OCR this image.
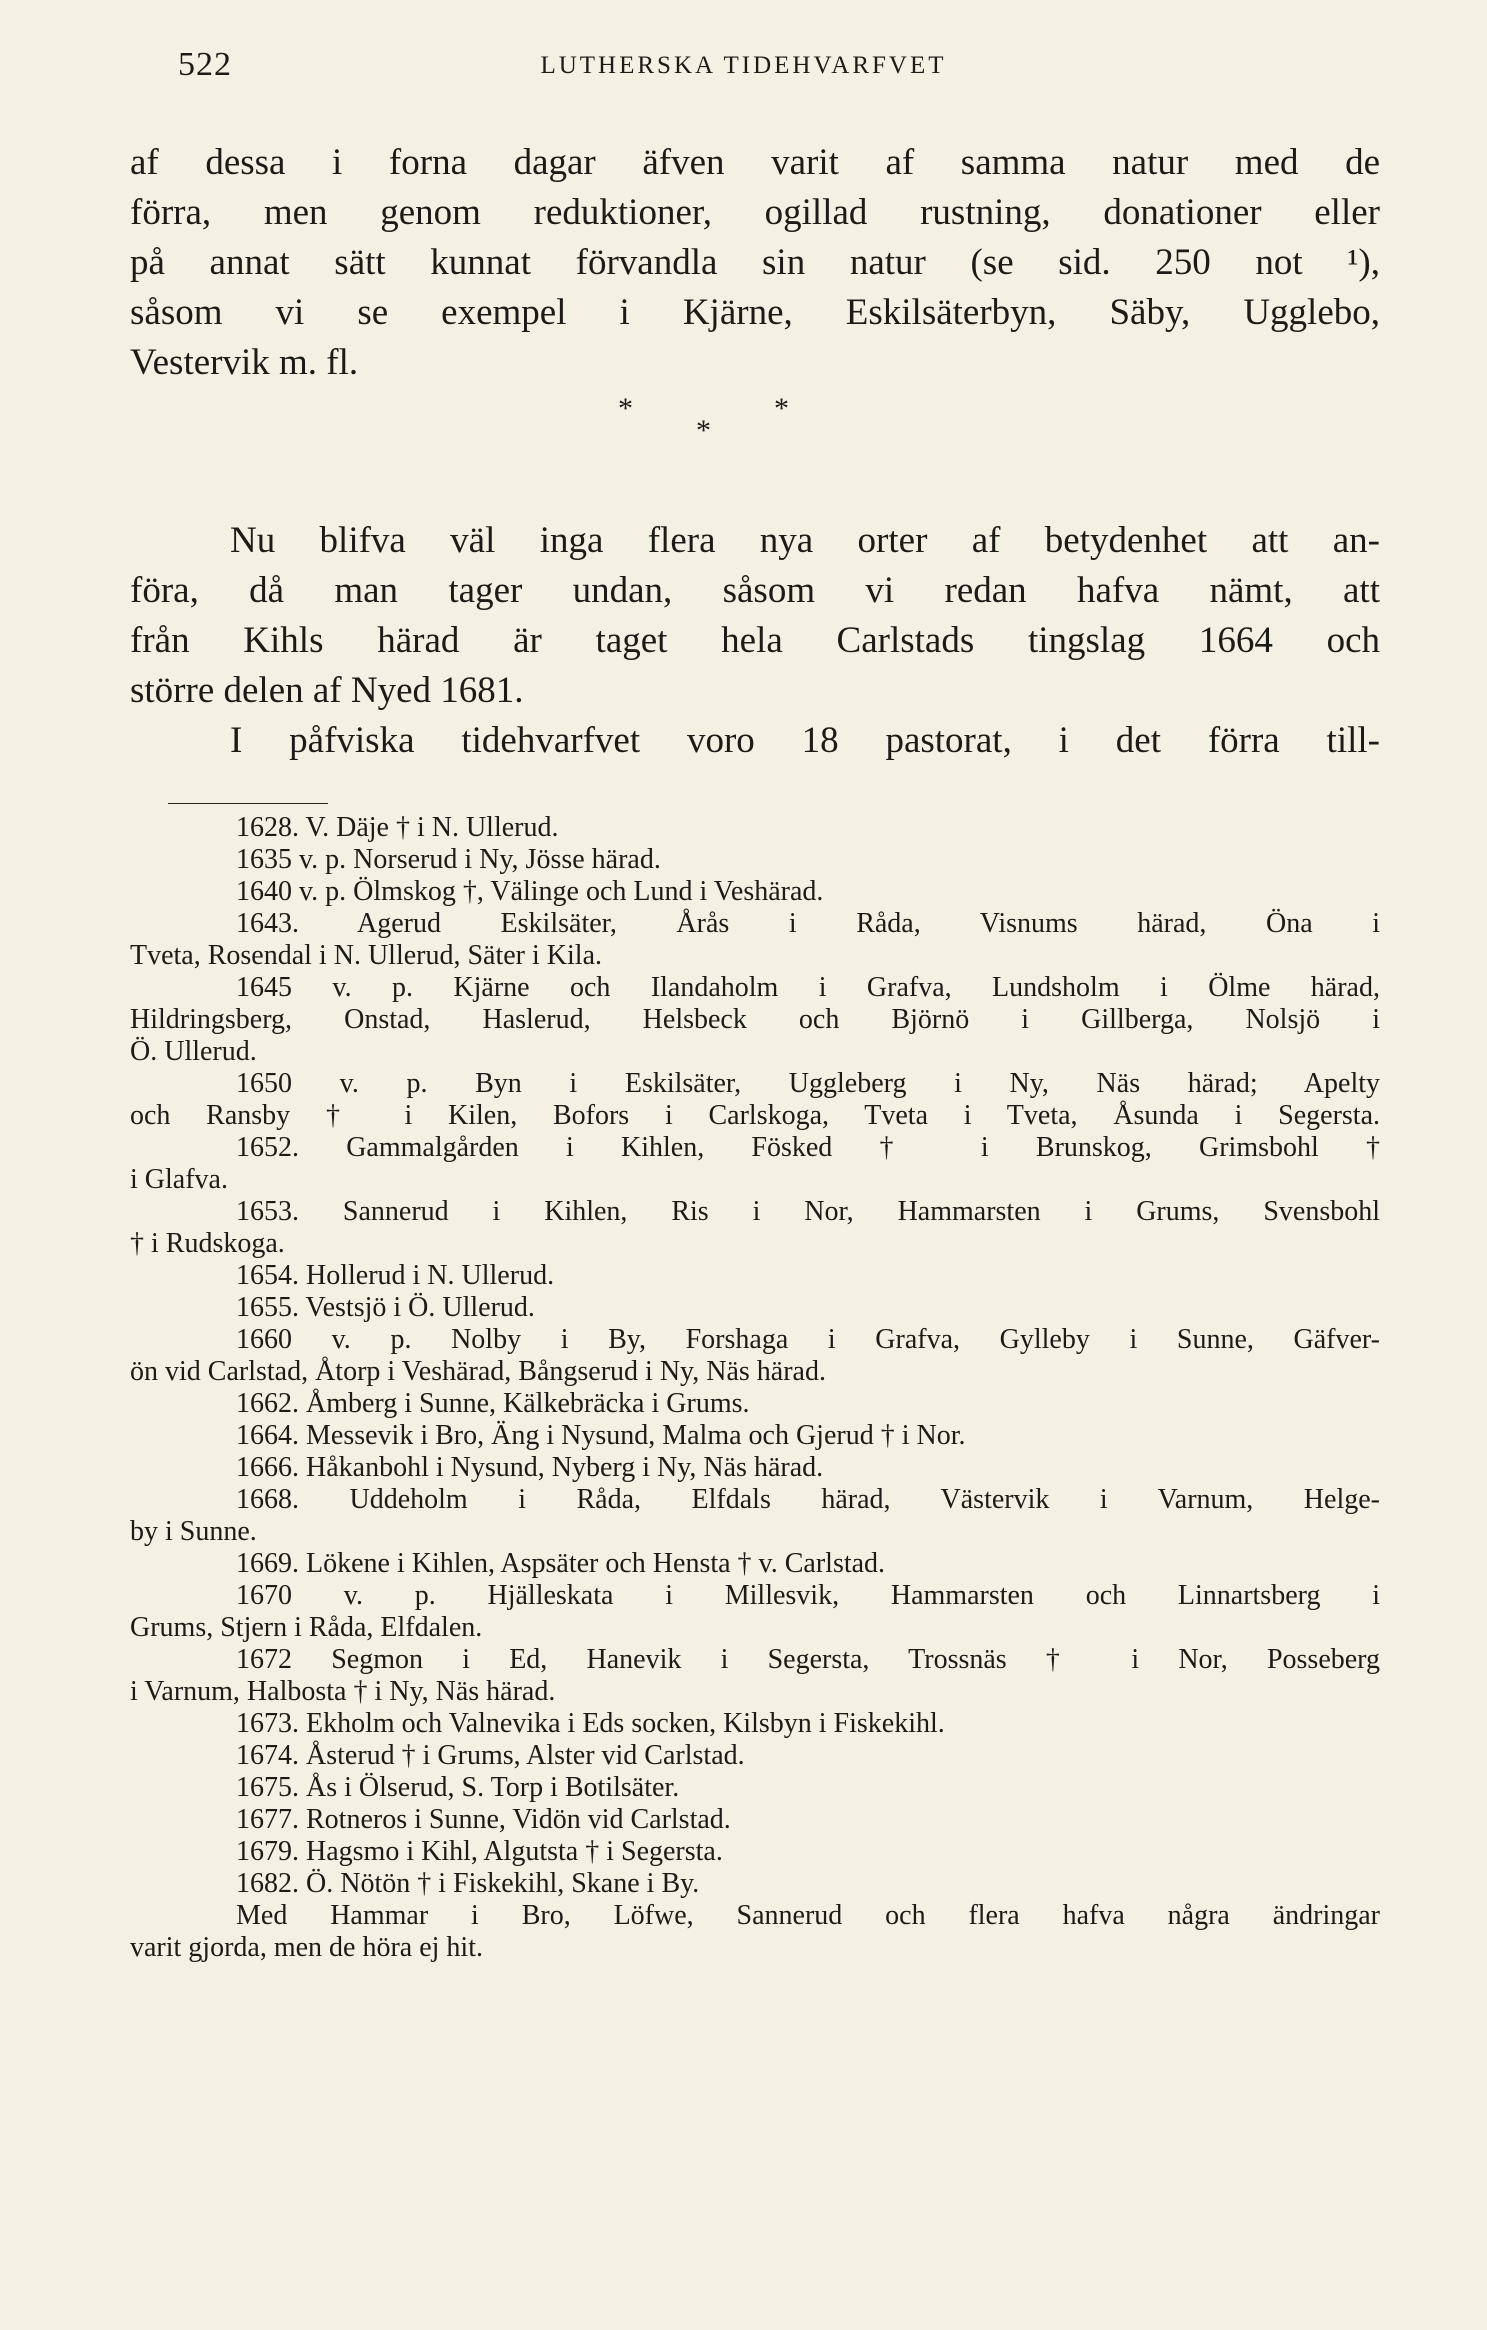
522	LUTHERSKA TIDEHVARFVET
af dessa i forna dagar äfven varit af samma natur med de
förra, men genom reduktioner, ogillad rustning, donationer eller
på annat sätt kunnat förvandla sin natur (se sid. 250 not ¹),
såsom vi se exempel i Kjärne, Eskilsäterbyn, Säby, Ugglebo,
Vestervik m. fl.
*
*
*
Nu blifva väl inga flera nya orter af betydenhet att an-
föra, då man tager undan, såsom vi redan hafva nämt, att
från Kihls härad är taget hela Carlstads tingslag 1664 och
större delen af Nyed 1681.
I påfviska tidehvarfvet voro 18 pastorat, i det förra till-
1628. V. Däje † i N. Ullerud.
1635 v. p. Norserud i Ny, Jösse härad.
1640 v. p. Ölmskog †, Välinge och Lund i Veshärad.
1643. Agerud Eskilsäter, Årås i Råda, Visnums härad, Öna i
Tveta, Rosendal i N. Ullerud, Säter i Kila.
1645 v. p. Kjärne och Ilandaholm i Grafva, Lundsholm i Ölme härad,
Hildringsberg, Onstad, Haslerud, Helsbeck och Björnö i Gillberga, Nolsjö i
Ö. Ullerud.
1650 v. p. Byn i Eskilsäter, Uggleberg i Ny, Näs härad; Apelty
och Ransby † i Kilen, Bofors i Carlskoga, Tveta i Tveta, Åsunda i Segersta.
1652. Gammalgården i Kihlen, Fösked † i Brunskog, Grimsbohl †
i Glafva.
1653. Sannerud i Kihlen, Ris i Nor, Hammarsten i Grums, Svensbohl
† i Rudskoga.
1654. Hollerud i N. Ullerud.
1655. Vestsjö i Ö. Ullerud.
1660 v. p. Nolby i By, Forshaga i Grafva, Gylleby i Sunne, Gäfver-
ön vid Carlstad, Åtorp i Veshärad, Bångserud i Ny, Näs härad.
1662. Åmberg i Sunne, Kälkebräcka i Grums.
1664. Messevik i Bro, Äng i Nysund, Malma och Gjerud † i Nor.
1666. Håkanbohl i Nysund, Nyberg i Ny, Näs härad.
1668. Uddeholm i Råda, Elfdals härad, Västervik i Varnum, Helge-
by i Sunne.
1669. Lökene i Kihlen, Aspsäter och Hensta † v. Carlstad.
1670 v. p. Hjälleskata i Millesvik, Hammarsten och Linnartsberg i
Grums, Stjern i Råda, Elfdalen.
1672 Segmon i Ed, Hanevik i Segersta, Trossnäs † i Nor, Posseberg
i Varnum, Halbosta † i Ny, Näs härad.
1673. Ekholm och Valnevika i Eds socken, Kilsbyn i Fiskekihl.
1674. Åsterud † i Grums, Alster vid Carlstad.
1675. Ås i Ölserud, S. Torp i Botilsäter.
1677. Rotneros i Sunne, Vidön vid Carlstad.
1679. Hagsmo i Kihl, Algutsta † i Segersta.
1682. Ö. Nötön † i Fiskekihl, Skane i By.
Med Hammar i Bro, Löfwe, Sannerud och flera hafva några ändringar
varit gjorda, men de höra ej hit.
